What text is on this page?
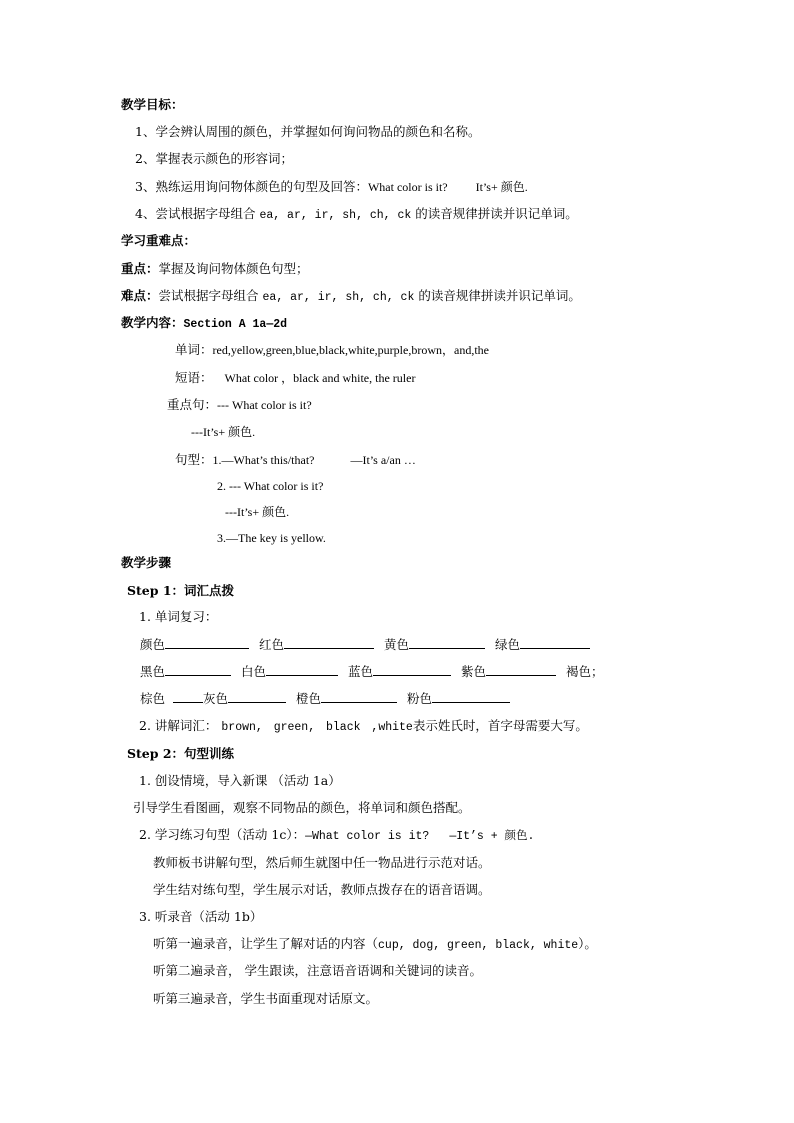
教学目标：
1、学会辨认周围的颜色，并掌握如何询问物品的颜色和名称。
2、掌握表示颜色的形容词；
3、熟练运用询问物体颜色的句型及回答：What color is it? It’s+ 颜色.
4、尝试根据字母组合 ea, ar, ir, sh, ch, ck 的读音规律拼读并识记单词。
学习重难点：
重点：掌握及询问物体颜色句型；
难点：尝试根据字母组合 ea, ar, ir, sh, ch, ck 的读音规律拼读并识记单词。
教学内容：Section A 1a—2d
单词：red,yellow,green,blue,black,white,purple,brown，and,the
短语： What color ，black and white, the ruler
重点句：--- What color is it?
---It’s+ 颜色.
句型：1.—What’s this/that?	—It’s a/an …
2. --- What color is it?
---It’s+ 颜色.
3.—The key is yellow.
教学步骤
Step 1：词汇点拨
1. 单词复习：
颜色	红色	黄色	绿色
黑色	白色	蓝色	紫色	褐色；
棕色	灰色	橙色	粉色
2. 讲解词汇： brown, green, black ,white表示姓氏时，首字母需要大写。
Step 2：句型训练
1. 创设情境，导入新课 （活动 1a）
引导学生看图画，观察不同物品的颜色，将单词和颜色搭配。
2. 学习练习句型（活动 1c）：—What color is it? —It’s + 颜色.
教师板书讲解句型，然后师生就图中任一物品进行示范对话。
学生结对练句型，学生展示对话，教师点拨存在的语音语调。
3. 听录音（活动 1b）
听第一遍录音，让学生了解对话的内容（cup, dog, green, black, white）。
听第二遍录音， 学生跟读，注意语音语调和关键词的读音。
听第三遍录音，学生书面重现对话原文。
